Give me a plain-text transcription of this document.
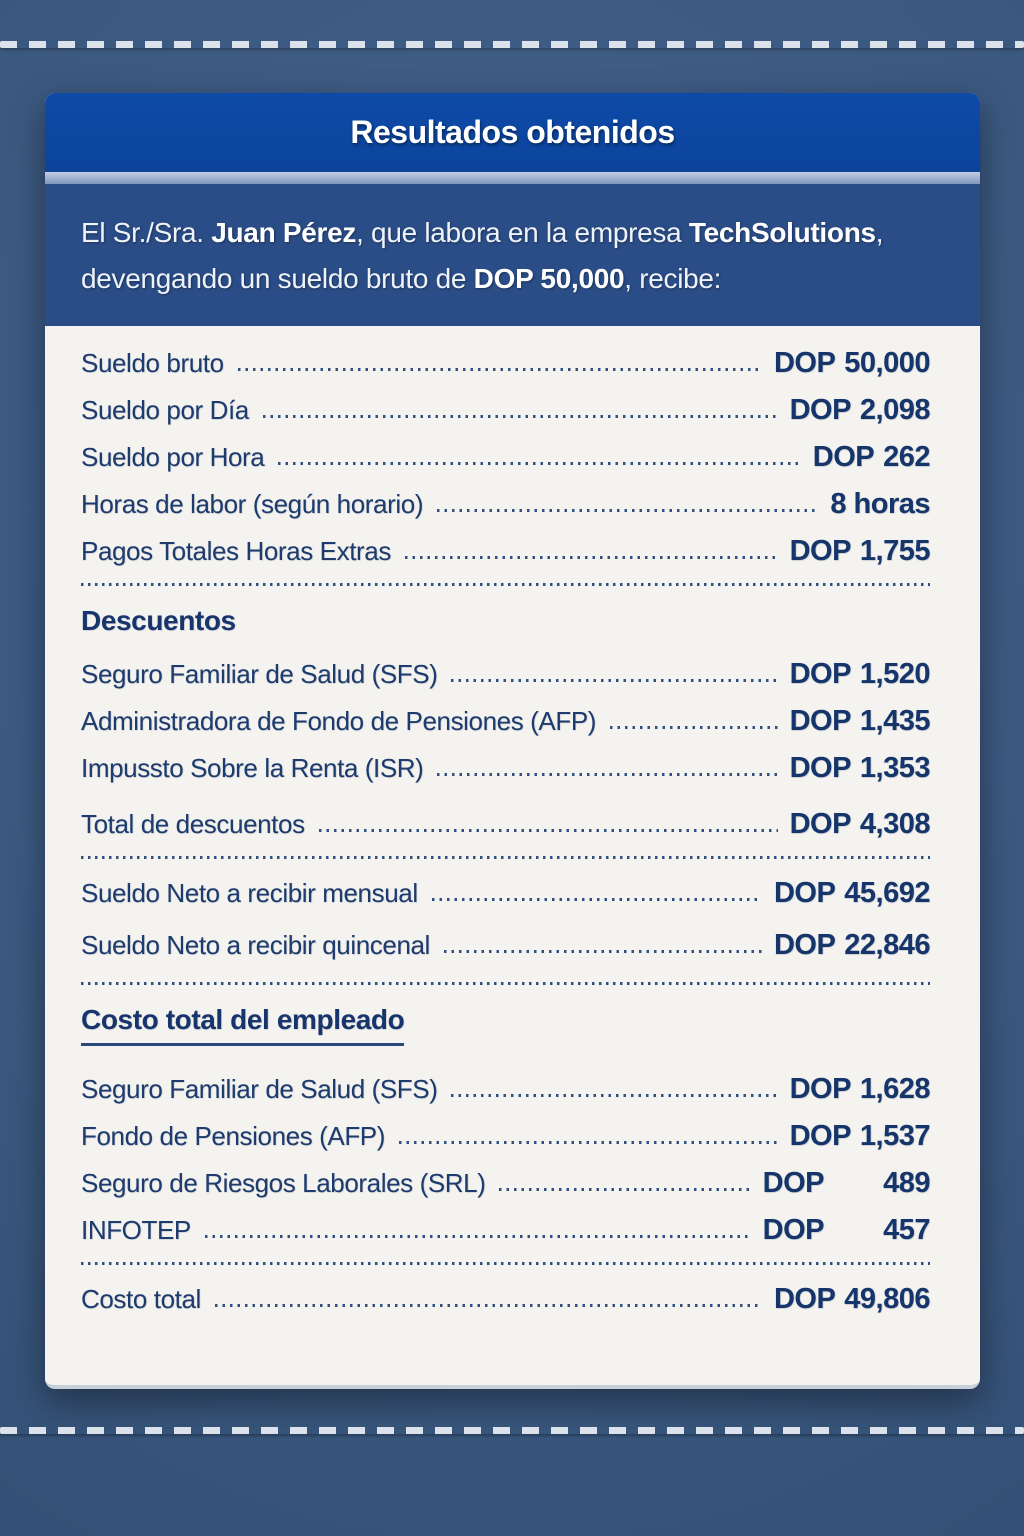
Resultados obtenidos
El Sr./Sra. Juan Pérez, que labora en la empresa TechSolutions,
devengando un sueldo bruto de DOP 50,000, recibe:
Sueldo bruto	DOP 50,000
Sueldo por Día	DOP 2,098
Sueldo por Hora	DOP 262
Horas de labor (según horario)	8 horas
Pagos Totales Horas Extras	DOP 1,755
Descuentos
Seguro Familiar de Salud (SFS)	DOP 1,520
Administradora de Fondo de Pensiones (AFP)	DOP 1,435
Impussto Sobre la Renta (ISR)	DOP 1,353
Total de descuentos	DOP 4,308
Sueldo Neto a recibir mensual	DOP 45,692
Sueldo Neto a recibir quincenal	DOP 22,846
Costo total del empleado
Seguro Familiar de Salud (SFS)	DOP 1,628
Fondo de Pensiones (AFP)	DOP 1,537
Seguro de Riesgos Laborales (SRL)	DOP	489
INFOTEP	DOP	457
Costo total	DOP 49,806
